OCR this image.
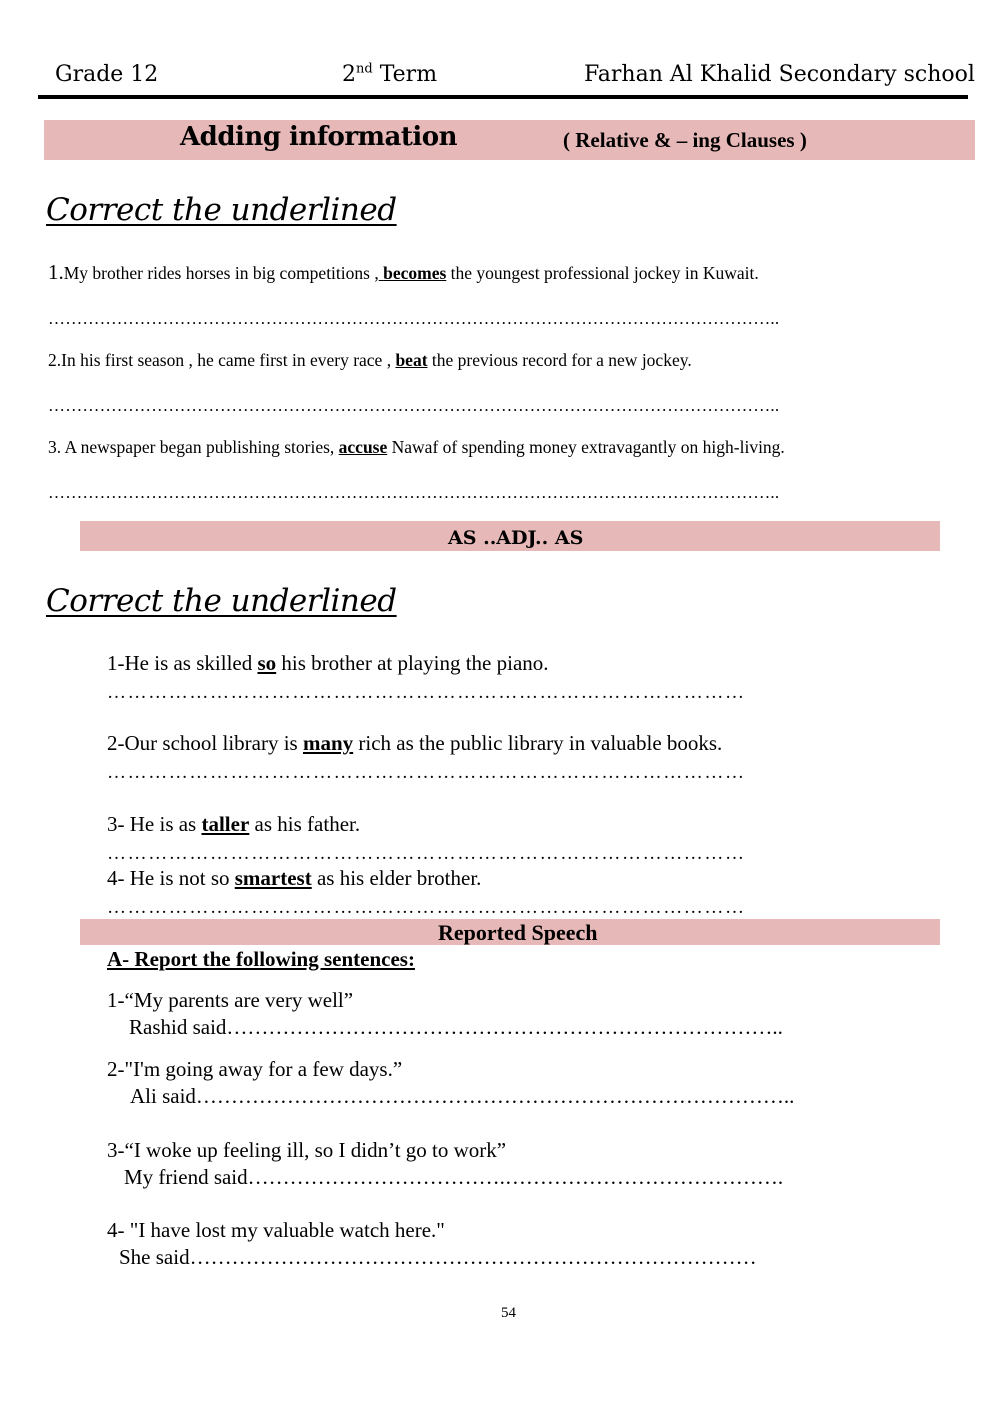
Grade 12	2nd Term	Farhan Al Khalid Secondary school
Adding information	( Relative & – ing Clauses )
Correct the underlined
1.My brother rides horses in big competitions , becomes the youngest professional jockey in Kuwait.
………………………………………………………………………………………………………………..
2.In his first season , he came first in every race , beat the previous record for a new jockey.
………………………………………………………………………………………………………………..
3. A newspaper began publishing stories, accuse Nawaf of spending money extravagantly on high-living.
………………………………………………………………………………………………………………..
AS ..ADJ.. AS
Correct the underlined
1-He is as skilled so his brother at playing the piano.
…………………………………………………………………………………
2-Our school library is many rich as the public library in valuable books.
…………………………………………………………………………………
3- He is as taller as his father.
…………………………………………………………………………………
4- He is not so smartest as his elder brother.
…………………………………………………………………………………
Reported Speech
A- Report the following sentences:
1-“My parents are very well”
Rashid said……………………………………………………………………..
2-"I'm going away for a few days.”
Ali said…………………………………………………………………………..
3-“I woke up feeling ill, so I didn’t go to work”
My friend said……………………………….………………………………….
4- "I have lost my valuable watch here."
She said………………………………………………………………………
54
